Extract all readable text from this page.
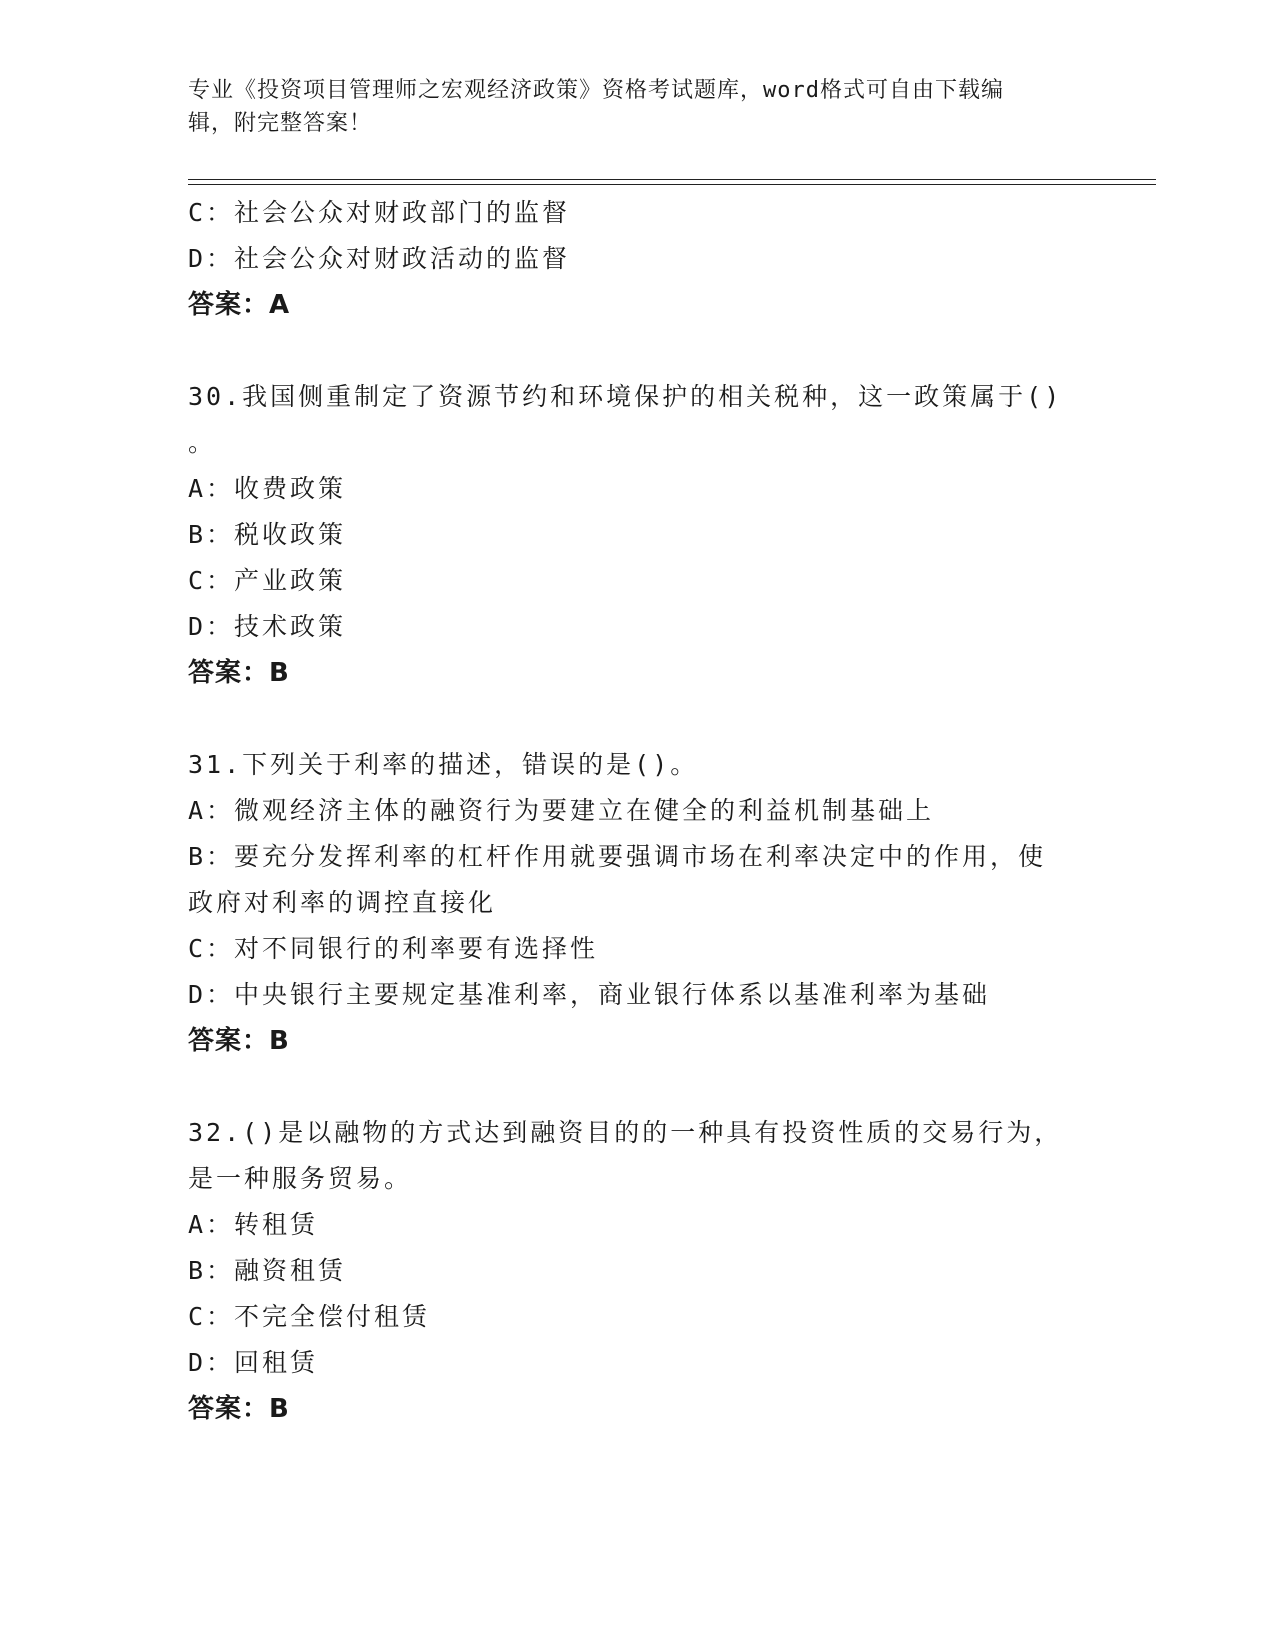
专业《投资项目管理师之宏观经济政策》资格考试题库，word格式可自由下载编
辑，附完整答案！
C：社会公众对财政部门的监督
D：社会公众对财政活动的监督
答案：A
30.我国侧重制定了资源节约和环境保护的相关税种，这一政策属于()
。
A：收费政策
B：税收政策
C：产业政策
D：技术政策
答案：B
31.下列关于利率的描述，错误的是()。
A：微观经济主体的融资行为要建立在健全的利益机制基础上
B：要充分发挥利率的杠杆作用就要强调市场在利率决定中的作用，使
政府对利率的调控直接化
C：对不同银行的利率要有选择性
D：中央银行主要规定基准利率，商业银行体系以基准利率为基础
答案：B
32.()是以融物的方式达到融资目的的一种具有投资性质的交易行为，
是一种服务贸易。
A：转租赁
B：融资租赁
C：不完全偿付租赁
D：回租赁
答案：B
